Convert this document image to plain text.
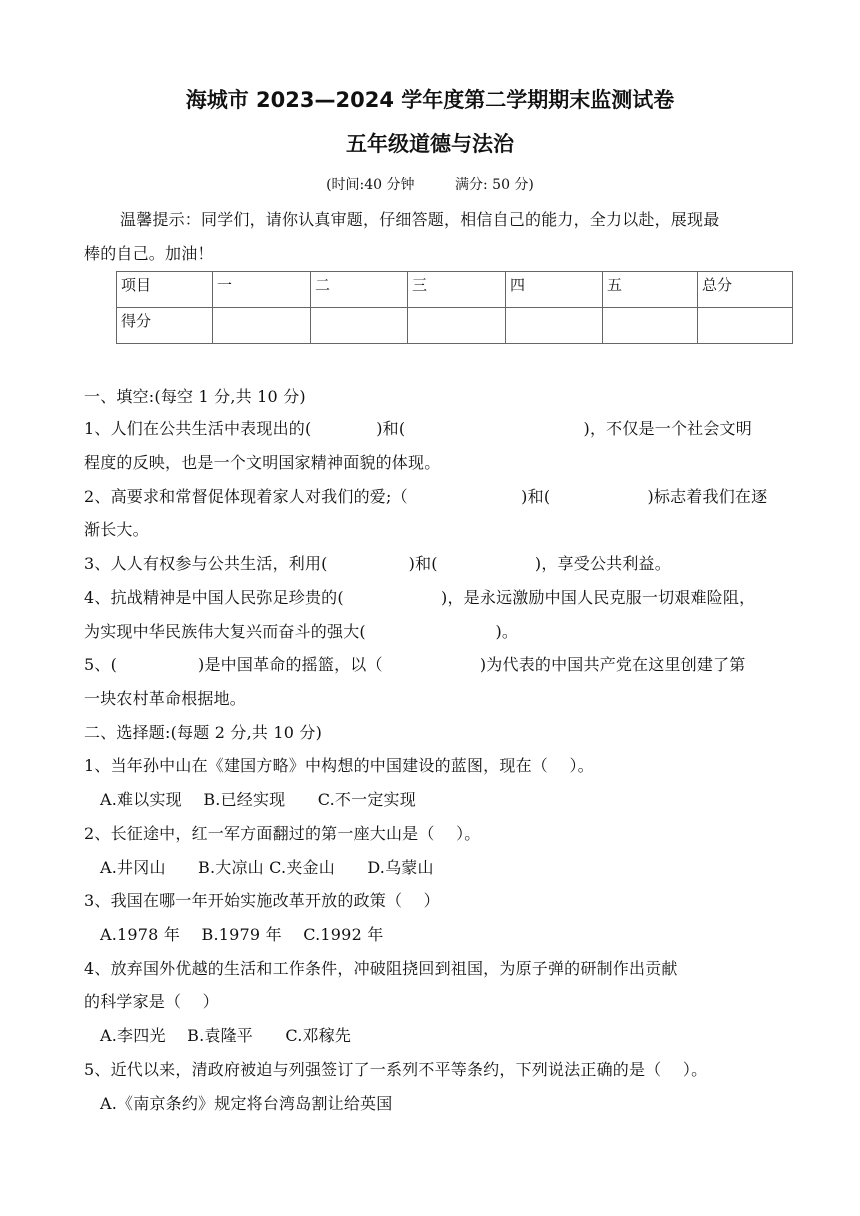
海城市 2023—2024 学年度第二学期期末监测试卷
五年级道德与法治
(时间:40 分钟	满分: 50 分)
温馨提示：同学们，请你认真审题，仔细答题，相信自己的能力，全力以赴，展现最
棒的自己。加油！
项目	一	二	三	四	五	总分
得分						
一、填空:(每空 1 分,共 10 分)
1、人们在公共生活中表现出的(　　　　)和(　　　　　　　　　　　)，不仅是一个社会文明
程度的反映，也是一个文明国家精神面貌的体现。
2、高要求和常督促体现着家人对我们的爱;（　　　　　　　)和(　　　　　　)标志着我们在逐
渐长大。
3、人人有权参与公共生活，利用(　　　　　)和(　　　　　　)，享受公共利益。
4、抗战精神是中国人民弥足珍贵的(　　　　　　)，是永远激励中国人民克服一切艰难险阻，
为实现中华民族伟大复兴而奋斗的强大(　　　　　　　　)。
5、(　　　　　)是中国革命的摇篮，以（　　　　　　)为代表的中国共产党在这里创建了第
一块农村革命根据地。
二、选择题:(每题 2 分,共 10 分)
1、当年孙中山在《建国方略》中构想的中国建设的蓝图，现在（　 ）。
A.难以实现　 B.已经实现　　C.不一定实现
2、长征途中，红一军方面翻过的第一座大山是（　 ）。
A.井冈山　　B.大凉山 C.夹金山　　D.乌蒙山
3、我国在哪一年开始实施改革开放的政策（　 ）
A.1978 年　 B.1979 年　 C.1992 年
4、放弃国外优越的生活和工作条件，冲破阻挠回到祖国，为原子弹的研制作出贡献
的科学家是（　 ）
A.李四光　 B.袁隆平　　C.邓稼先
5、近代以来，清政府被迫与列强签订了一系列不平等条约，下列说法正确的是（　 ）。
A.《南京条约》规定将台湾岛割让给英国
